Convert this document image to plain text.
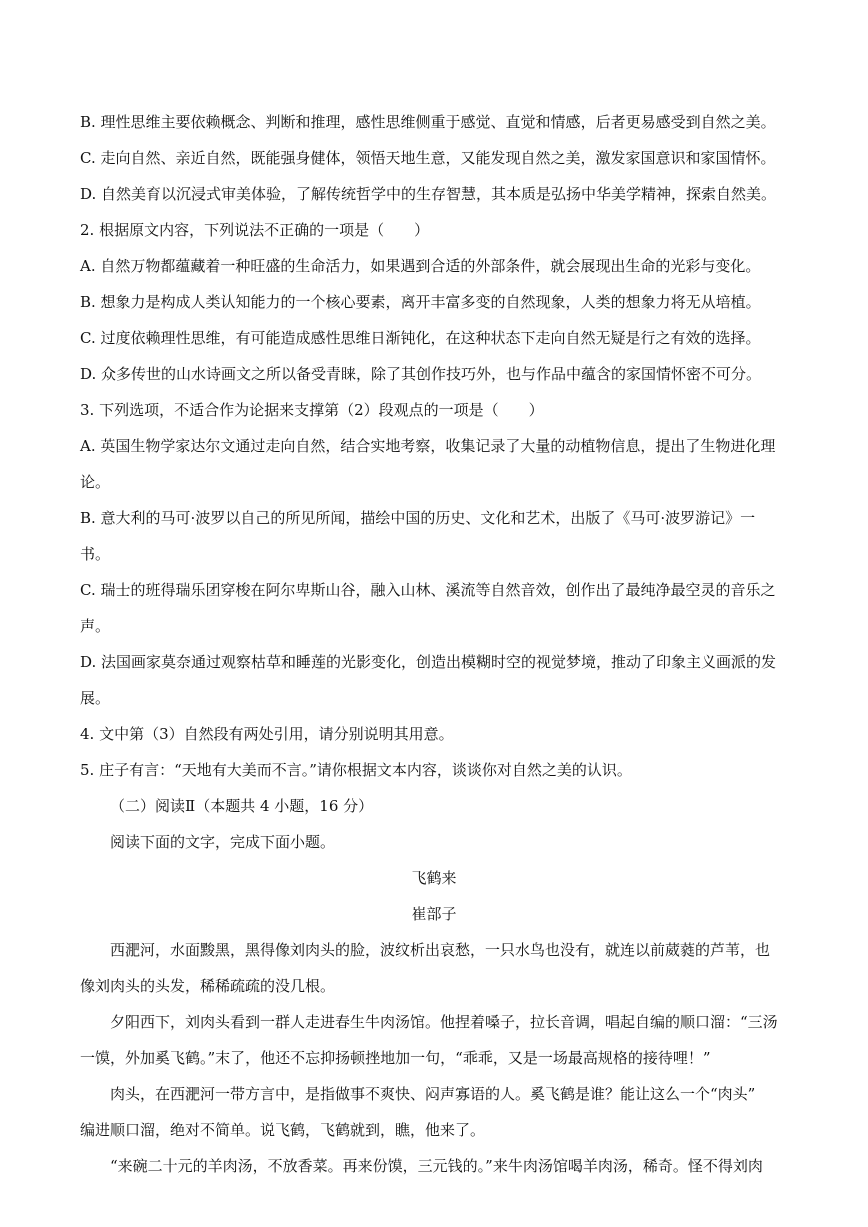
B. 理性思维主要依赖概念、判断和推理，感性思维侧重于感觉、直觉和情感，后者更易感受到自然之美。
C. 走向自然、亲近自然，既能强身健体，领悟天地生意，又能发现自然之美，激发家国意识和家国情怀。
D. 自然美育以沉浸式审美体验，了解传统哲学中的生存智慧，其本质是弘扬中华美学精神，探索自然美。
2. 根据原文内容，下列说法不正确的一项是（　　）
A. 自然万物都蕴藏着一种旺盛的生命活力，如果遇到合适的外部条件，就会展现出生命的光彩与变化。
B. 想象力是构成人类认知能力的一个核心要素，离开丰富多变的自然现象，人类的想象力将无从培植。
C. 过度依赖理性思维，有可能造成感性思维日渐钝化，在这种状态下走向自然无疑是行之有效的选择。
D. 众多传世的山水诗画文之所以备受青睐，除了其创作技巧外，也与作品中蕴含的家国情怀密不可分。
3. 下列选项，不适合作为论据来支撑第（2）段观点的一项是（　　）
A. 英国生物学家达尔文通过走向自然，结合实地考察，收集记录了大量的动植物信息，提出了生物进化理
论。
B. 意大利的马可·波罗以自己的所见所闻，描绘中国的历史、文化和艺术，出版了《马可·波罗游记》一
书。
C. 瑞士的班得瑞乐团穿梭在阿尔卑斯山谷，融入山林、溪流等自然音效，创作出了最纯净最空灵的音乐之
声。
D. 法国画家莫奈通过观察枯草和睡莲的光影变化，创造出模糊时空的视觉梦境，推动了印象主义画派的发
展。
4. 文中第（3）自然段有两处引用，请分别说明其用意。
5. 庄子有言：“天地有大美而不言。”请你根据文本内容，谈谈你对自然之美的认识。
（二）阅读Ⅱ（本题共 4 小题，16 分）
阅读下面的文字，完成下面小题。
飞鹤来
崔部子
西淝河，水面黢黑，黑得像刘肉头的脸，波纹析出哀愁，一只水鸟也没有，就连以前葳蕤的芦苇，也
像刘肉头的头发，稀稀疏疏的没几根。
夕阳西下，刘肉头看到一群人走进春生牛肉汤馆。他捏着嗓子，拉长音调，唱起自编的顺口溜：“三汤
一馍，外加奚飞鹤。”末了，他还不忘抑扬顿挫地加一句，“乖乖，又是一场最高规格的接待哩！”
肉头，在西淝河一带方言中，是指做事不爽快、闷声寡语的人。奚飞鹤是谁？能让这么一个“肉头”
编进顺口溜，绝对不简单。说飞鹤，飞鹤就到，瞧，他来了。
“来碗二十元的羊肉汤，不放香菜。再来份馍，三元钱的。”来牛肉汤馆喝羊肉汤，稀奇。怪不得刘肉
